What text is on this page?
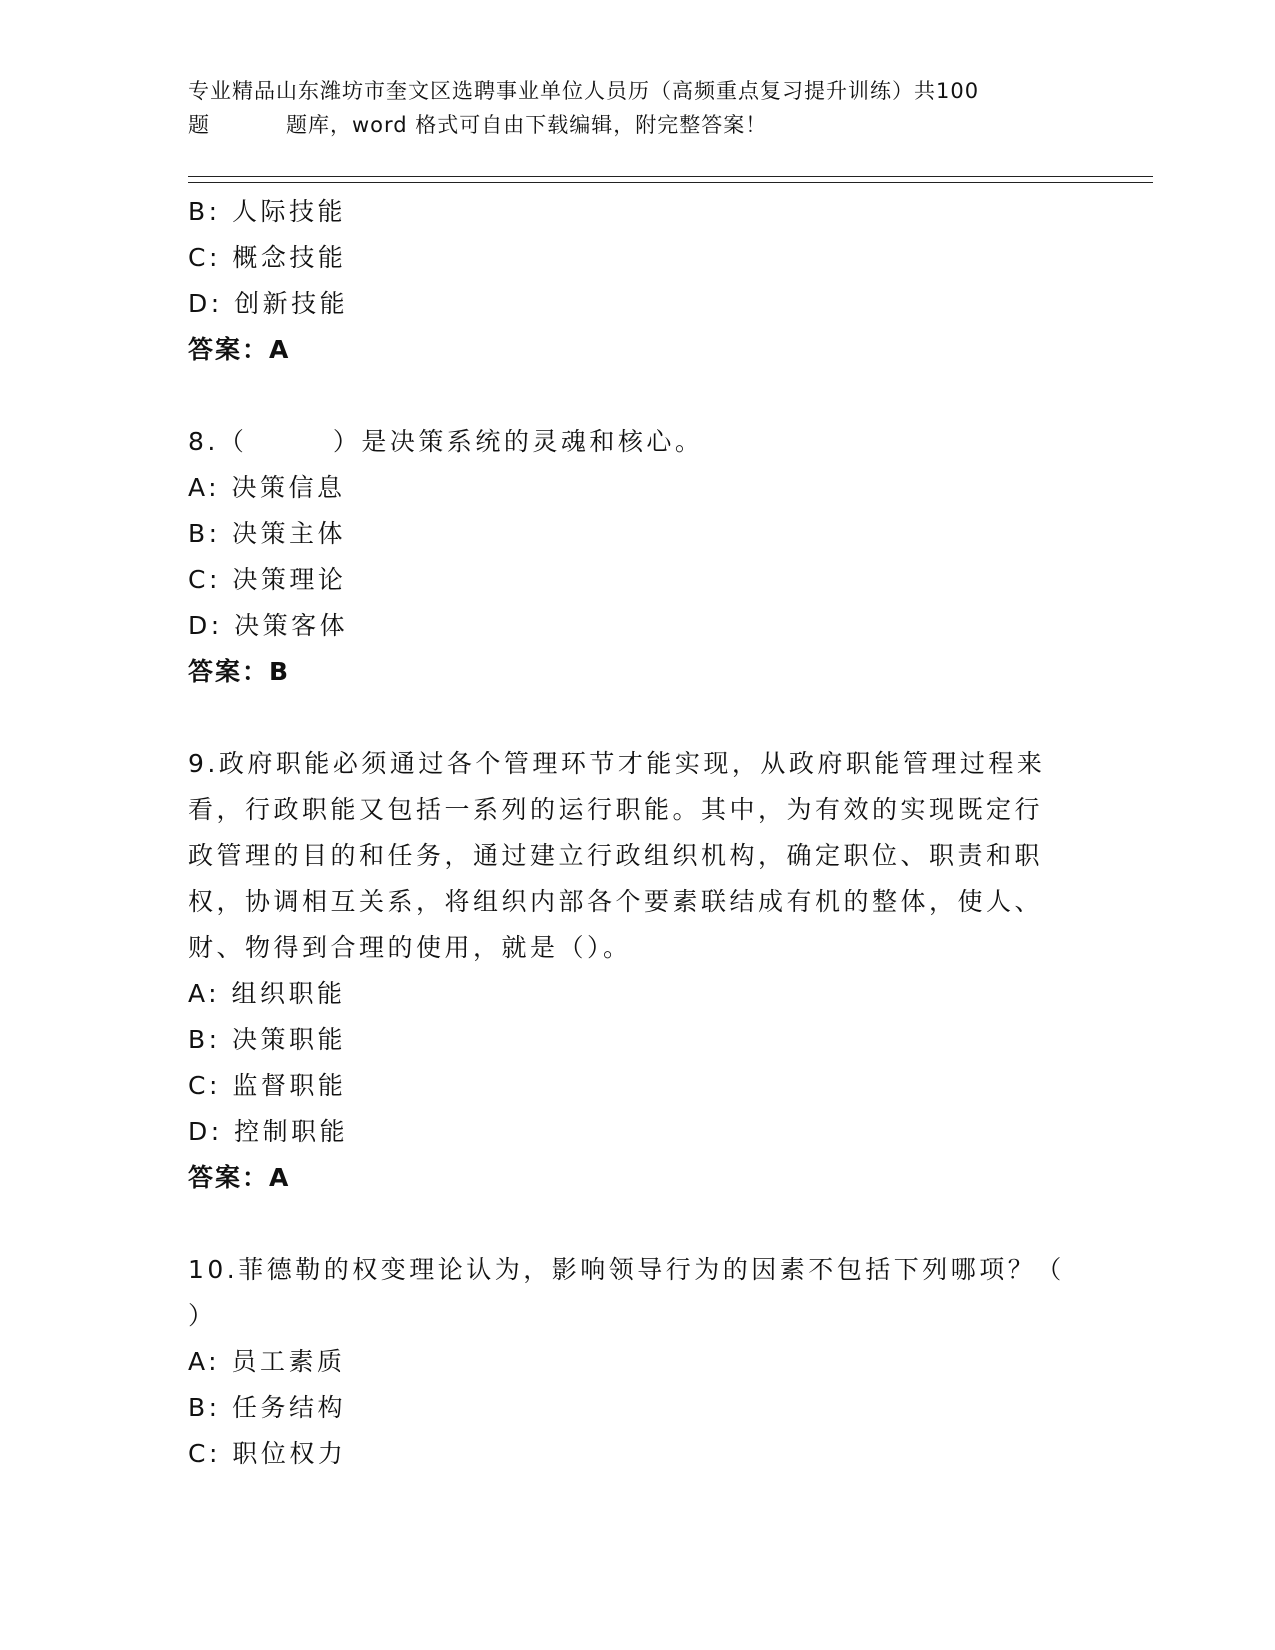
专业精品山东潍坊市奎文区选聘事业单位人员历（高频重点复习提升训练）共100
题	题库，word 格式可自由下载编辑，附完整答案！
B: 人际技能
C: 概念技能
D: 创新技能
答案：A
8.（　　　）是决策系统的灵魂和核心。
A: 决策信息
B: 决策主体
C: 决策理论
D: 决策客体
答案：B
9.政府职能必须通过各个管理环节才能实现，从政府职能管理过程来
看，行政职能又包括一系列的运行职能。其中，为有效的实现既定行
政管理的目的和任务，通过建立行政组织机构，确定职位、职责和职
权，协调相互关系，将组织内部各个要素联结成有机的整体，使人、
财、物得到合理的使用，就是（）。
A: 组织职能
B: 决策职能
C: 监督职能
D: 控制职能
答案：A
10.菲德勒的权变理论认为，影响领导行为的因素不包括下列哪项？（
）
A: 员工素质
B: 任务结构
C: 职位权力
